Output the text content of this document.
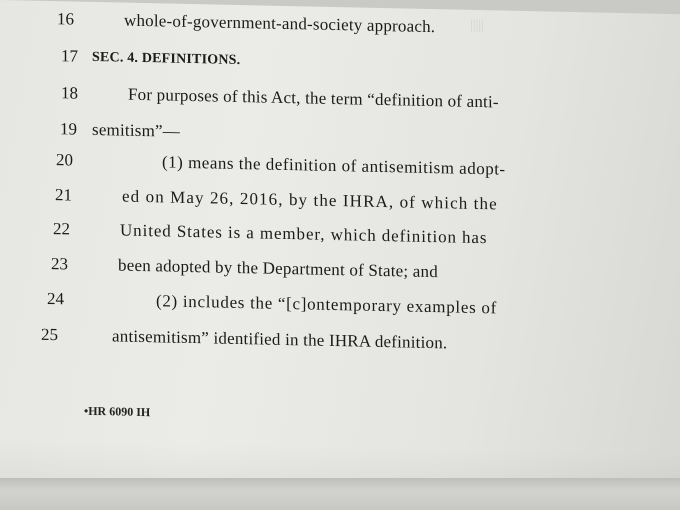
|||||
16
17
18
19
20
21
22
23
24
25
whole-of-government-and-society approach.
SEC. 4. DEFINITIONS.
For purposes of this Act, the term “definition of anti-
semitism”—
(1) means the definition of antisemitism adopt-
ed on May 26, 2016, by the IHRA, of which the
United States is a member, which definition has
been adopted by the Department of State; and
(2) includes the “[c]ontemporary examples of
antisemitism” identified in the IHRA definition.
•HR 6090 IH
